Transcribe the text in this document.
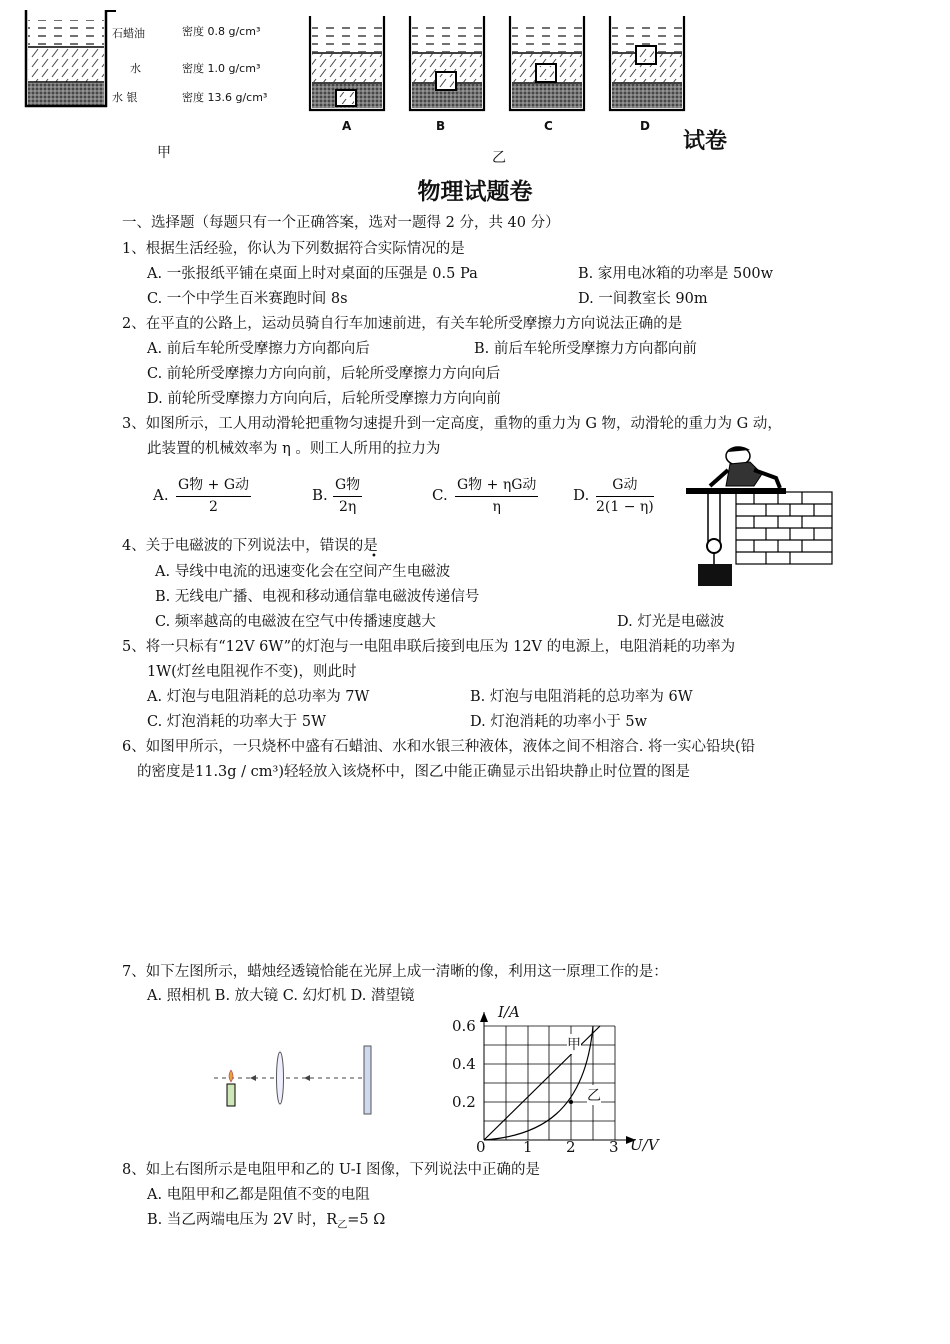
石蜡油	密度 0.8 g/cm³
水	密度 1.0 g/cm³
水 银	密度 13.6 g/cm³
甲
A	B	C	D
乙
试卷
物理试题卷
一、选择题（每题只有一个正确答案，选对一题得 2 分，共 40 分）
1、根据生活经验，你认为下列数据符合实际情况的是
A. 一张报纸平铺在桌面上时对桌面的压强是 0.5 Pa	B. 家用电冰箱的功率是 500w
C. 一个中学生百米赛跑时间 8s	D. 一间教室长 90m
2、在平直的公路上，运动员骑自行车加速前进，有关车轮所受摩擦力方向说法正确的是
A. 前后车轮所受摩擦力方向都向后	B. 前后车轮所受摩擦力方向都向前
C. 前轮所受摩擦力方向向前，后轮所受摩擦力方向向后
D. 前轮所受摩擦力方向向后，后轮所受摩擦力方向向前
3、如图所示，工人用动滑轮把重物匀速提升到一定高度，重物的重力为 G 物，动滑轮的重力为 G 动，
此装置的机械效率为 η 。则工人所用的拉力为
A.
G物 + G动
2
B.
G物
2η
C.
G物 + ηG动
η
D.
G动
2(1 − η)
4、关于电磁波的下列说法中，错误的是
•
A. 导线中电流的迅速变化会在空间产生电磁波
B. 无线电广播、电视和移动通信靠电磁波传递信号
C. 频率越高的电磁波在空气中传播速度越大	D. 灯光是电磁波
5、将一只标有“12V 6W”的灯泡与一电阻串联后接到电压为 12V 的电源上，电阻消耗的功率为
1W(灯丝电阻视作不变)，则此时
A. 灯泡与电阻消耗的总功率为 7W	B. 灯泡与电阻消耗的总功率为 6W
C. 灯泡消耗的功率大于 5W	D. 灯泡消耗的功率小于 5w
6、如图甲所示，一只烧杯中盛有石蜡油、水和水银三种液体，液体之间不相溶合. 将一实心铅块(铅
的密度是11.3g / cm³)轻轻放入该烧杯中，图乙中能正确显示出铅块静止时位置的图是
7、如下左图所示，蜡烛经透镜恰能在光屏上成一清晰的像，利用这一原理工作的是：
A. 照相机 B. 放大镜 C. 幻灯机 D. 潜望镜
I/A
U/V
0.6
0.4
0.2
0 1 2 3
甲
乙
8、如上右图所示是电阻甲和乙的 U-I 图像，下列说法中正确的是
A. 电阻甲和乙都是阻值不变的电阻
B. 当乙两端电压为 2V 时，$R_乙=5$ Ω
